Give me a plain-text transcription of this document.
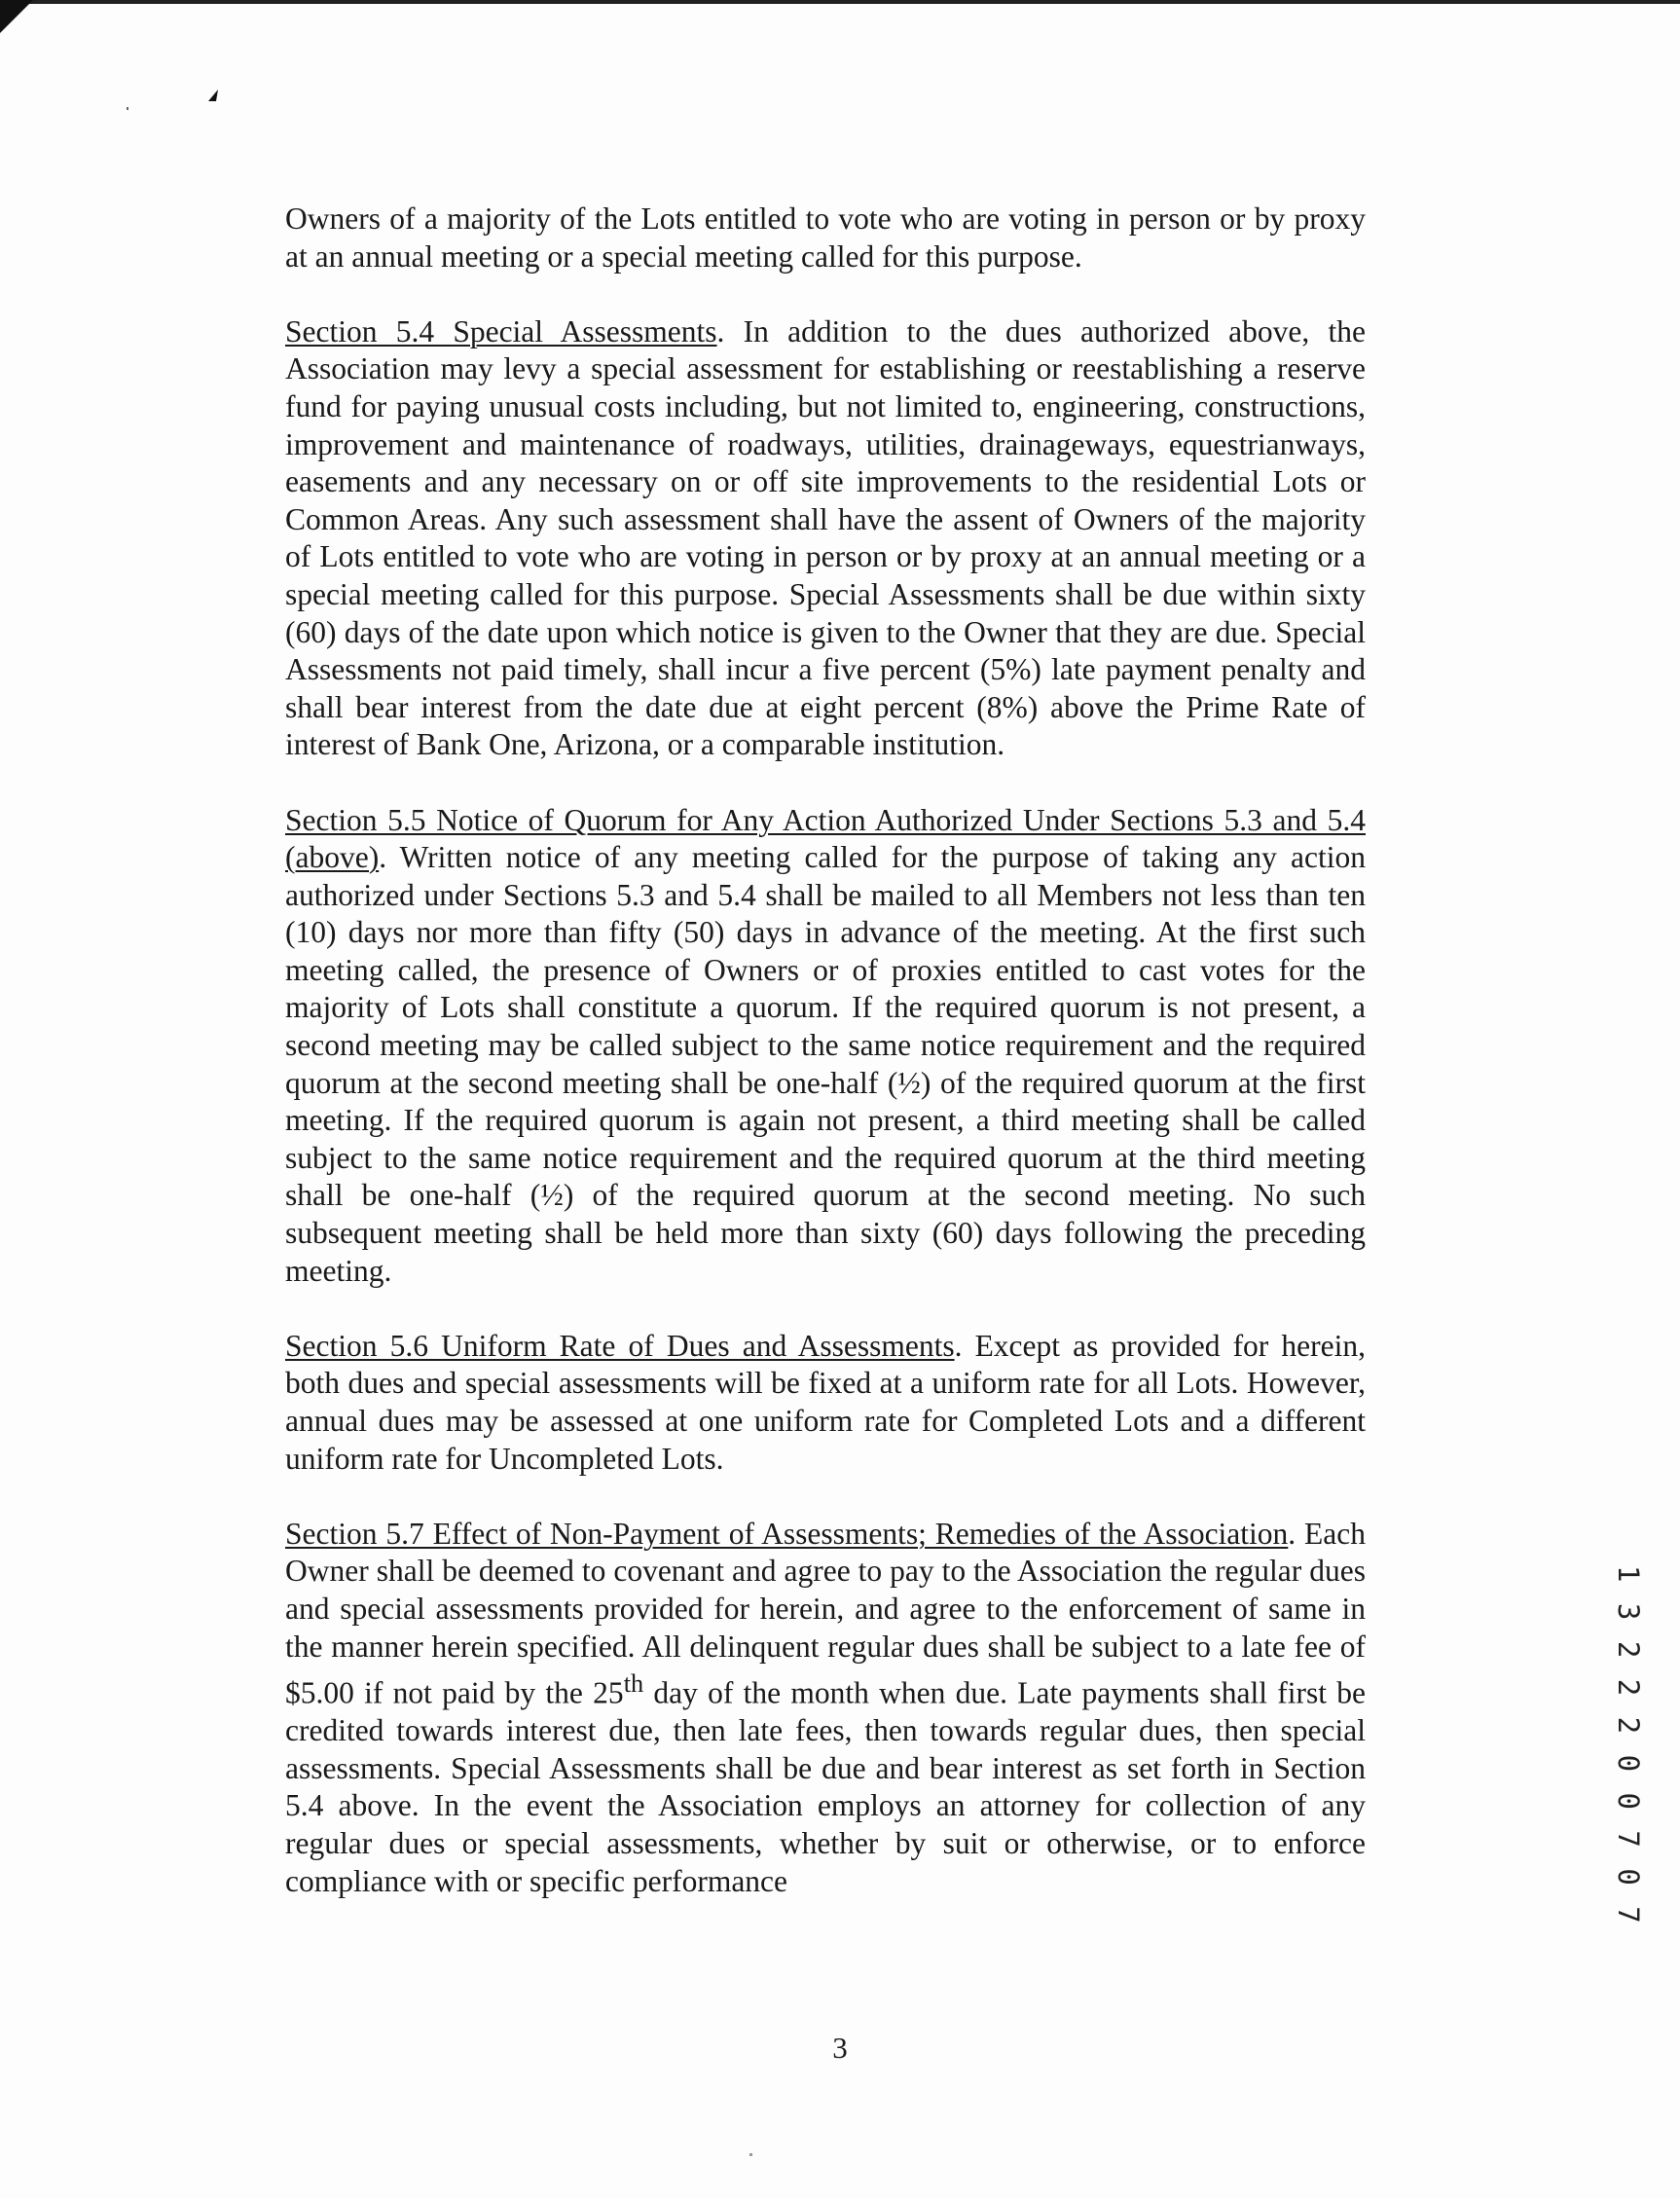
Owners of a majority of the Lots entitled to vote who are voting in person or by proxy at an annual meeting or a special meeting called for this purpose.

Section 5.4 Special Assessments. In addition to the dues authorized above, the Association may levy a special assessment for establishing or reestablishing a reserve fund for paying unusual costs including, but not limited to, engineering, constructions, improvement and maintenance of roadways, utilities, drainageways, equestrianways, easements and any necessary on or off site improvements to the residential Lots or Common Areas. Any such assessment shall have the assent of Owners of the majority of Lots entitled to vote who are voting in person or by proxy at an annual meeting or a special meeting called for this purpose. Special Assessments shall be due within sixty (60) days of the date upon which notice is given to the Owner that they are due. Special Assessments not paid timely, shall incur a five percent (5%) late payment penalty and shall bear interest from the date due at eight percent (8%) above the Prime Rate of interest of Bank One, Arizona, or a comparable institution.

Section 5.5 Notice of Quorum for Any Action Authorized Under Sections 5.3 and 5.4 (above). Written notice of any meeting called for the purpose of taking any action authorized under Sections 5.3 and 5.4 shall be mailed to all Members not less than ten (10) days nor more than fifty (50) days in advance of the meeting. At the first such meeting called, the presence of Owners or of proxies entitled to cast votes for the majority of Lots shall constitute a quorum. If the required quorum is not present, a second meeting may be called subject to the same notice requirement and the required quorum at the second meeting shall be one-half (½) of the required quorum at the first meeting. If the required quorum is again not present, a third meeting shall be called subject to the same notice requirement and the required quorum at the third meeting shall be one-half (½) of the required quorum at the second meeting. No such subsequent meeting shall be held more than sixty (60) days following the preceding meeting.

Section 5.6 Uniform Rate of Dues and Assessments. Except as provided for herein, both dues and special assessments will be fixed at a uniform rate for all Lots. However, annual dues may be assessed at one uniform rate for Completed Lots and a different uniform rate for Uncompleted Lots.

Section 5.7 Effect of Non-Payment of Assessments; Remedies of the Association. Each Owner shall be deemed to covenant and agree to pay to the Association the regular dues and special assessments provided for herein, and agree to the enforcement of same in the manner herein specified. All delinquent regular dues shall be subject to a late fee of $5.00 if not paid by the 25th day of the month when due. Late payments shall first be credited towards interest due, then late fees, then towards regular dues, then special assessments. Special Assessments shall be due and bear interest as set forth in Section 5.4 above. In the event the Association employs an attorney for collection of any regular dues or special assessments, whether by suit or otherwise, or to enforce compliance with or specific performance	1 3 2 2 2 0 0 7 0 7
3
